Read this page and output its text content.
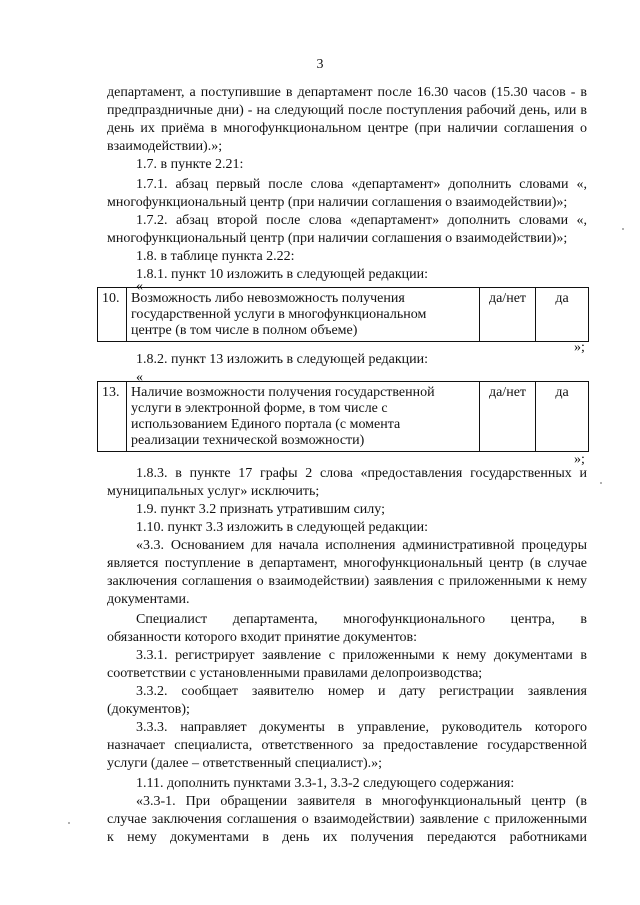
3
департамент, а поступившие в департамент после 16.30 часов (15.30 часов - в
предпраздничные дни) - на следующий после поступления рабочий день, или в
день их приёма в многофункциональном центре (при наличии соглашения о
взаимодействии).»;
1.7. в пункте 2.21:
1.7.1. абзац первый после слова «департамент» дополнить словами «,
многофункциональный центр (при наличии соглашения о взаимодействии)»;
1.7.2. абзац второй после слова «департамент» дополнить словами «,
многофункциональный центр (при наличии соглашения о взаимодействии)»;
1.8. в таблице пункта 2.22:
1.8.1. пункт 10 изложить в следующей редакции:
«
10.	Возможность либо невозможность получения
государственной услуги в многофункциональном
центре (в том числе в полном объеме)
	да/нет	да
»;
1.8.2. пункт 13 изложить в следующей редакции:
«
13.	Наличие возможности получения государственной
услуги в электронной форме, в том числе с
использованием Единого портала (с момента
реализации технической возможности)
	да/нет	да
»;
1.8.3. в пункте 17 графы 2 слова «предоставления государственных и
муниципальных услуг» исключить;
1.9. пункт 3.2 признать утратившим силу;
1.10. пункт 3.3 изложить в следующей редакции:
«3.3. Основанием для начала исполнения административной процедуры
является поступление в департамент, многофункциональный центр (в случае
заключения соглашения о взаимодействии) заявления с приложенными к нему
документами.
Специалист департамента, многофункционального центра, в
обязанности которого входит принятие документов:
3.3.1. регистрирует заявление с приложенными к нему документами в
соответствии с установленными правилами делопроизводства;
3.3.2. сообщает заявителю номер и дату регистрации заявления
(документов);
3.3.3. направляет документы в управление, руководитель которого
назначает специалиста, ответственного за предоставление государственной
услуги (далее – ответственный специалист).»;
1.11. дополнить пунктами 3.3-1, 3.3-2 следующего содержания:
«3.3-1. При обращении заявителя в многофункциональный центр (в
случае заключения соглашения о взаимодействии) заявление с приложенными
к нему документами в день их получения передаются работниками
